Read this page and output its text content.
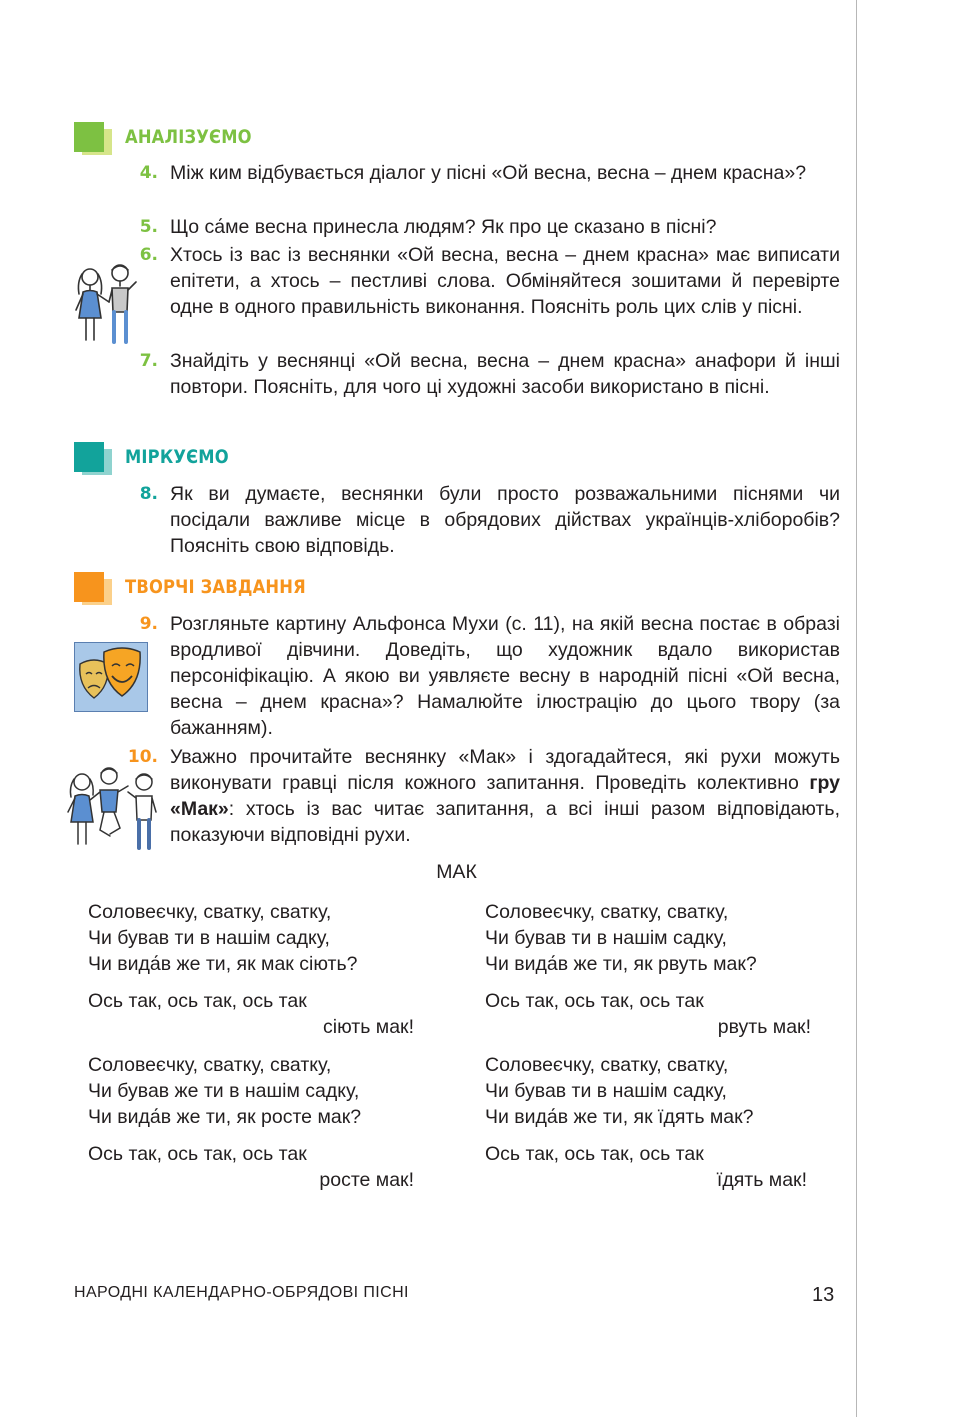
АНАЛІЗУЄМО
4. Між ким відбувається діалог у пісні «Ой весна, весна – днем красна»?
5. Що са́ме весна принесла людям? Як про це сказано в пісні?
6. Хтось із вас із веснянки «Ой весна, весна – днем красна» має виписати епітети, а хтось – пестливі слова. Обміняйтеся зошитами й перевірте одне в одного правильність виконання. Поясніть роль цих слів у пісні.
7. Знайдіть у веснянці «Ой весна, весна – днем красна» анафори й інші повтори. Поясніть, для чого ці художні засоби використано в пісні.
МІРКУЄМО
8. Як ви думаєте, веснянки були просто розважальними піснями чи посідали важливе місце в обрядових дійствах українців-хліборобів? Поясніть свою відповідь.
ТВОРЧІ ЗАВДАННЯ
9. Розгляньте картину Альфонса Мухи (с. 11), на якій весна постає в образі вродливої дівчини. Доведіть, що художник вдало використав персоніфікацію. А якою ви уявляєте весну в народній пісні «Ой весна, весна – днем красна»? Намалюйте ілюстрацію до цього твору (за бажанням).
10. Уважно прочитайте веснянку «Мак» і здогадайтеся, які рухи можуть виконувати гравці після кожного запитання. Проведіть колективно гру «Мак»: хтось із вас читає запитання, а всі інші разом відповідають, показуючи відповідні рухи.
МАК
Соловеєчку, сватку, сватку,
Чи бував ти в нашім садку,
Чи вида́в же ти, як мак сіють?
Ось так, ось так, ось так
сіють мак!
Соловеєчку, сватку, сватку,
Чи бував же ти в нашім садку,
Чи вида́в же ти, як росте мак?
Ось так, ось так, ось так
росте мак!
Соловеєчку, сватку, сватку,
Чи бував ти в нашім садку,
Чи вида́в же ти, як рвуть мак?
Ось так, ось так, ось так
рвуть мак!
Соловеєчку, сватку, сватку,
Чи бував ти в нашім садку,
Чи вида́в же ти, як їдять мак?
Ось так, ось так, ось так
їдять мак!
НАРОДНІ КАЛЕНДАРНО-ОБРЯДОВІ ПІСНІ	13
